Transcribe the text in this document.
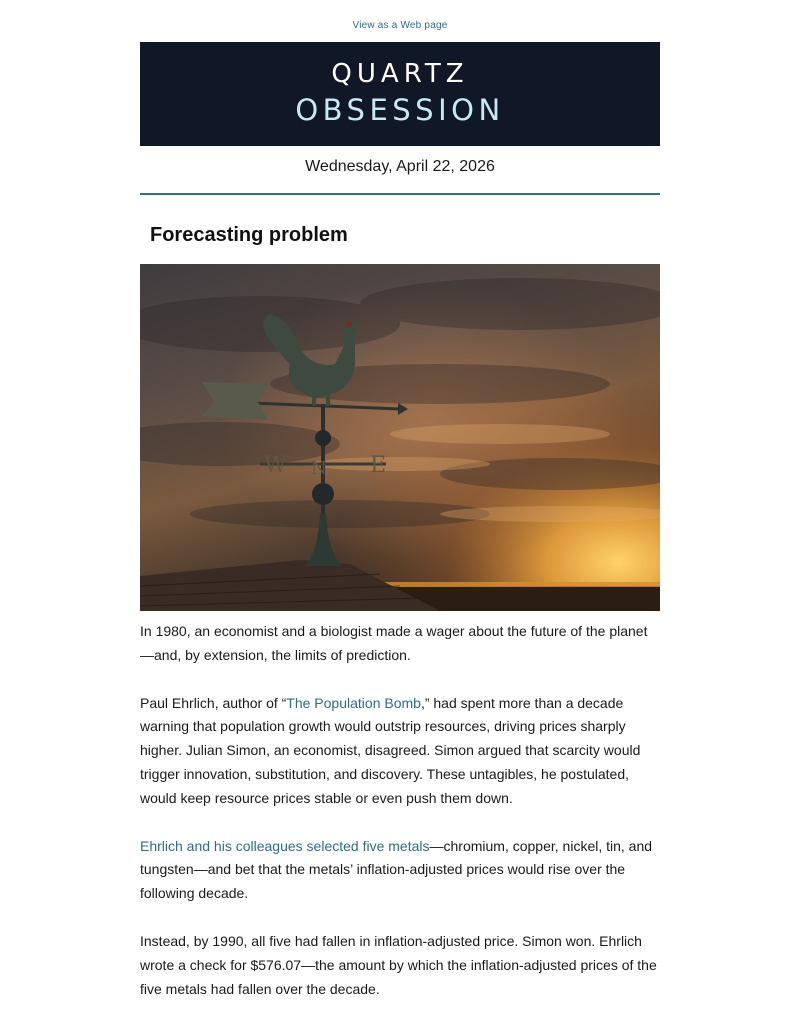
View as a Web page
QUARTZ
OBSESSION
Wednesday, April 22, 2026
Forecasting problem
W N E

In 1980, an economist and a biologist made a wager about the future of the planet —and, by extension, the limits of prediction.

Paul Ehrlich, author of “The Population Bomb,” had spent more than a decade warning that population growth would outstrip resources, driving prices sharply higher. Julian Simon, an economist, disagreed. Simon argued that scarcity would trigger innovation, substitution, and discovery. These untagibles, he postulated, would keep resource prices stable or even push them down.

Ehrlich and his colleagues selected five metals—chromium, copper, nickel, tin, and tungsten—and bet that the metals’ inflation-adjusted prices would rise over the following decade.

Instead, by 1990, all five had fallen in inflation-adjusted price. Simon won. Ehrlich wrote a check for $576.07—the amount by which the inflation-adjusted prices of the five metals had fallen over the decade.
